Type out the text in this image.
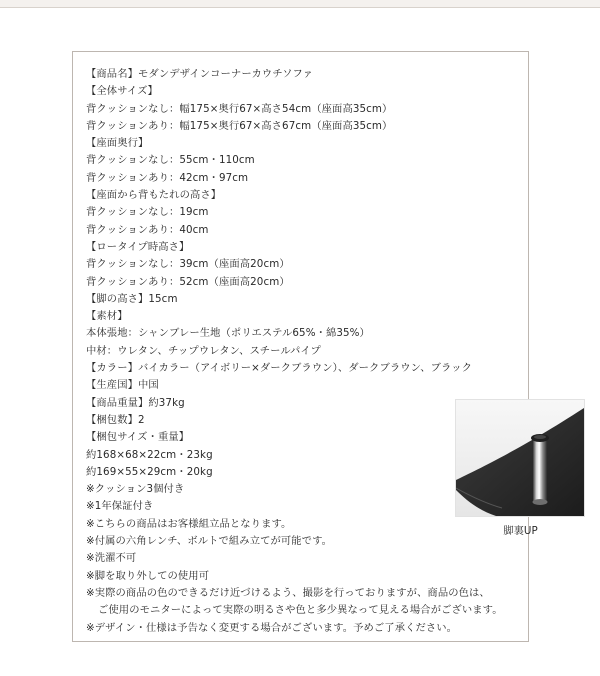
【商品名】モダンデザインコーナーカウチソファ
【全体サイズ】
背クッションなし：幅175×奥行67×高さ54cm（座面高35cm）
背クッションあり：幅175×奥行67×高さ67cm（座面高35cm）
【座面奥行】
背クッションなし：55cm・110cm
背クッションあり：42cm・97cm
【座面から背もたれの高さ】
背クッションなし：19cm
背クッションあり：40cm
【ロータイプ時高さ】
背クッションなし：39cm（座面高20cm）
背クッションあり：52cm（座面高20cm）
【脚の高さ】15cm
【素材】
本体張地：シャンブレー生地（ポリエステル65%・綿35%）
中材：ウレタン、チップウレタン、スチールパイプ
【カラー】バイカラー（アイボリー×ダークブラウン）、ダークブラウン、ブラック
【生産国】中国
【商品重量】約37kg
【梱包数】2
【梱包サイズ・重量】
約168×68×22cm・23kg
約169×55×29cm・20kg
※クッション3個付き
※1年保証付き
※こちらの商品はお客様組立品となります。
※付属の六角レンチ、ボルトで組み立てが可能です。
※洗濯不可
※脚を取り外しての使用可
※実際の商品の色のできるだけ近づけるよう、撮影を行っておりますが、商品の色は、
ご使用のモニターによって実際の明るさや色と多少異なって見える場合がございます。
※デザイン・仕様は予告なく変更する場合がございます。予めご了承ください。
脚裏UP
